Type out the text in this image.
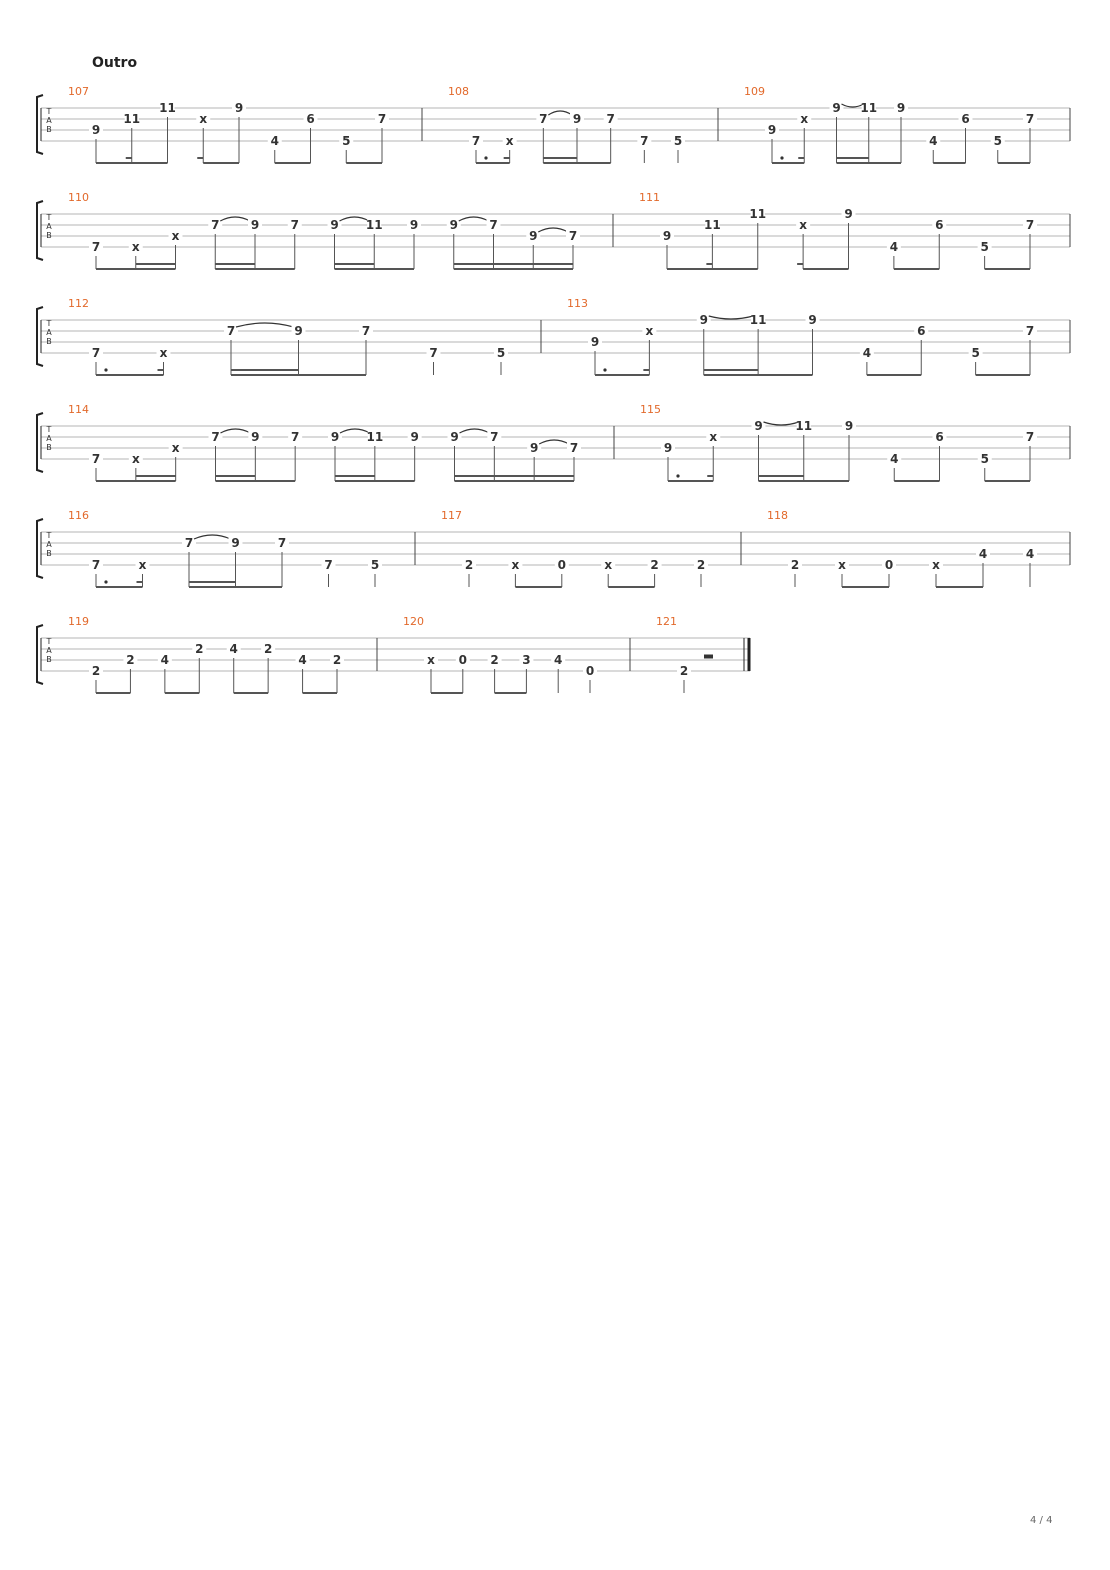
Outro
T
A
B
107
9
11
11
x
9
4
6
5
7
108
7 x
7 9 7
7 5
109
9
x
9 11 9
4
6
5
7
T
A
B
110
7	x
x
7	9	7	9 11 9	9	7
9	7
111
9
11
11
x
9
4
6
5
7
T
A
B
112
7	x
7	9	7
7	5
113
9
x
9	11	9
4
6
5
7
T
A
B
114
7	x
x
7	9	7	9 11 9	9	7
9	7
115
9
x
9	11	9
4
6
5
7
T
A
B
116
7	x
7	9	7
7	5
117
2	x	0	x	2	2
118
2	x	0	x
4	4
T
A
B
119
2
2 4
2 4 2
4 2
120
x 0 2 3 4
0
121
2
4 / 4
